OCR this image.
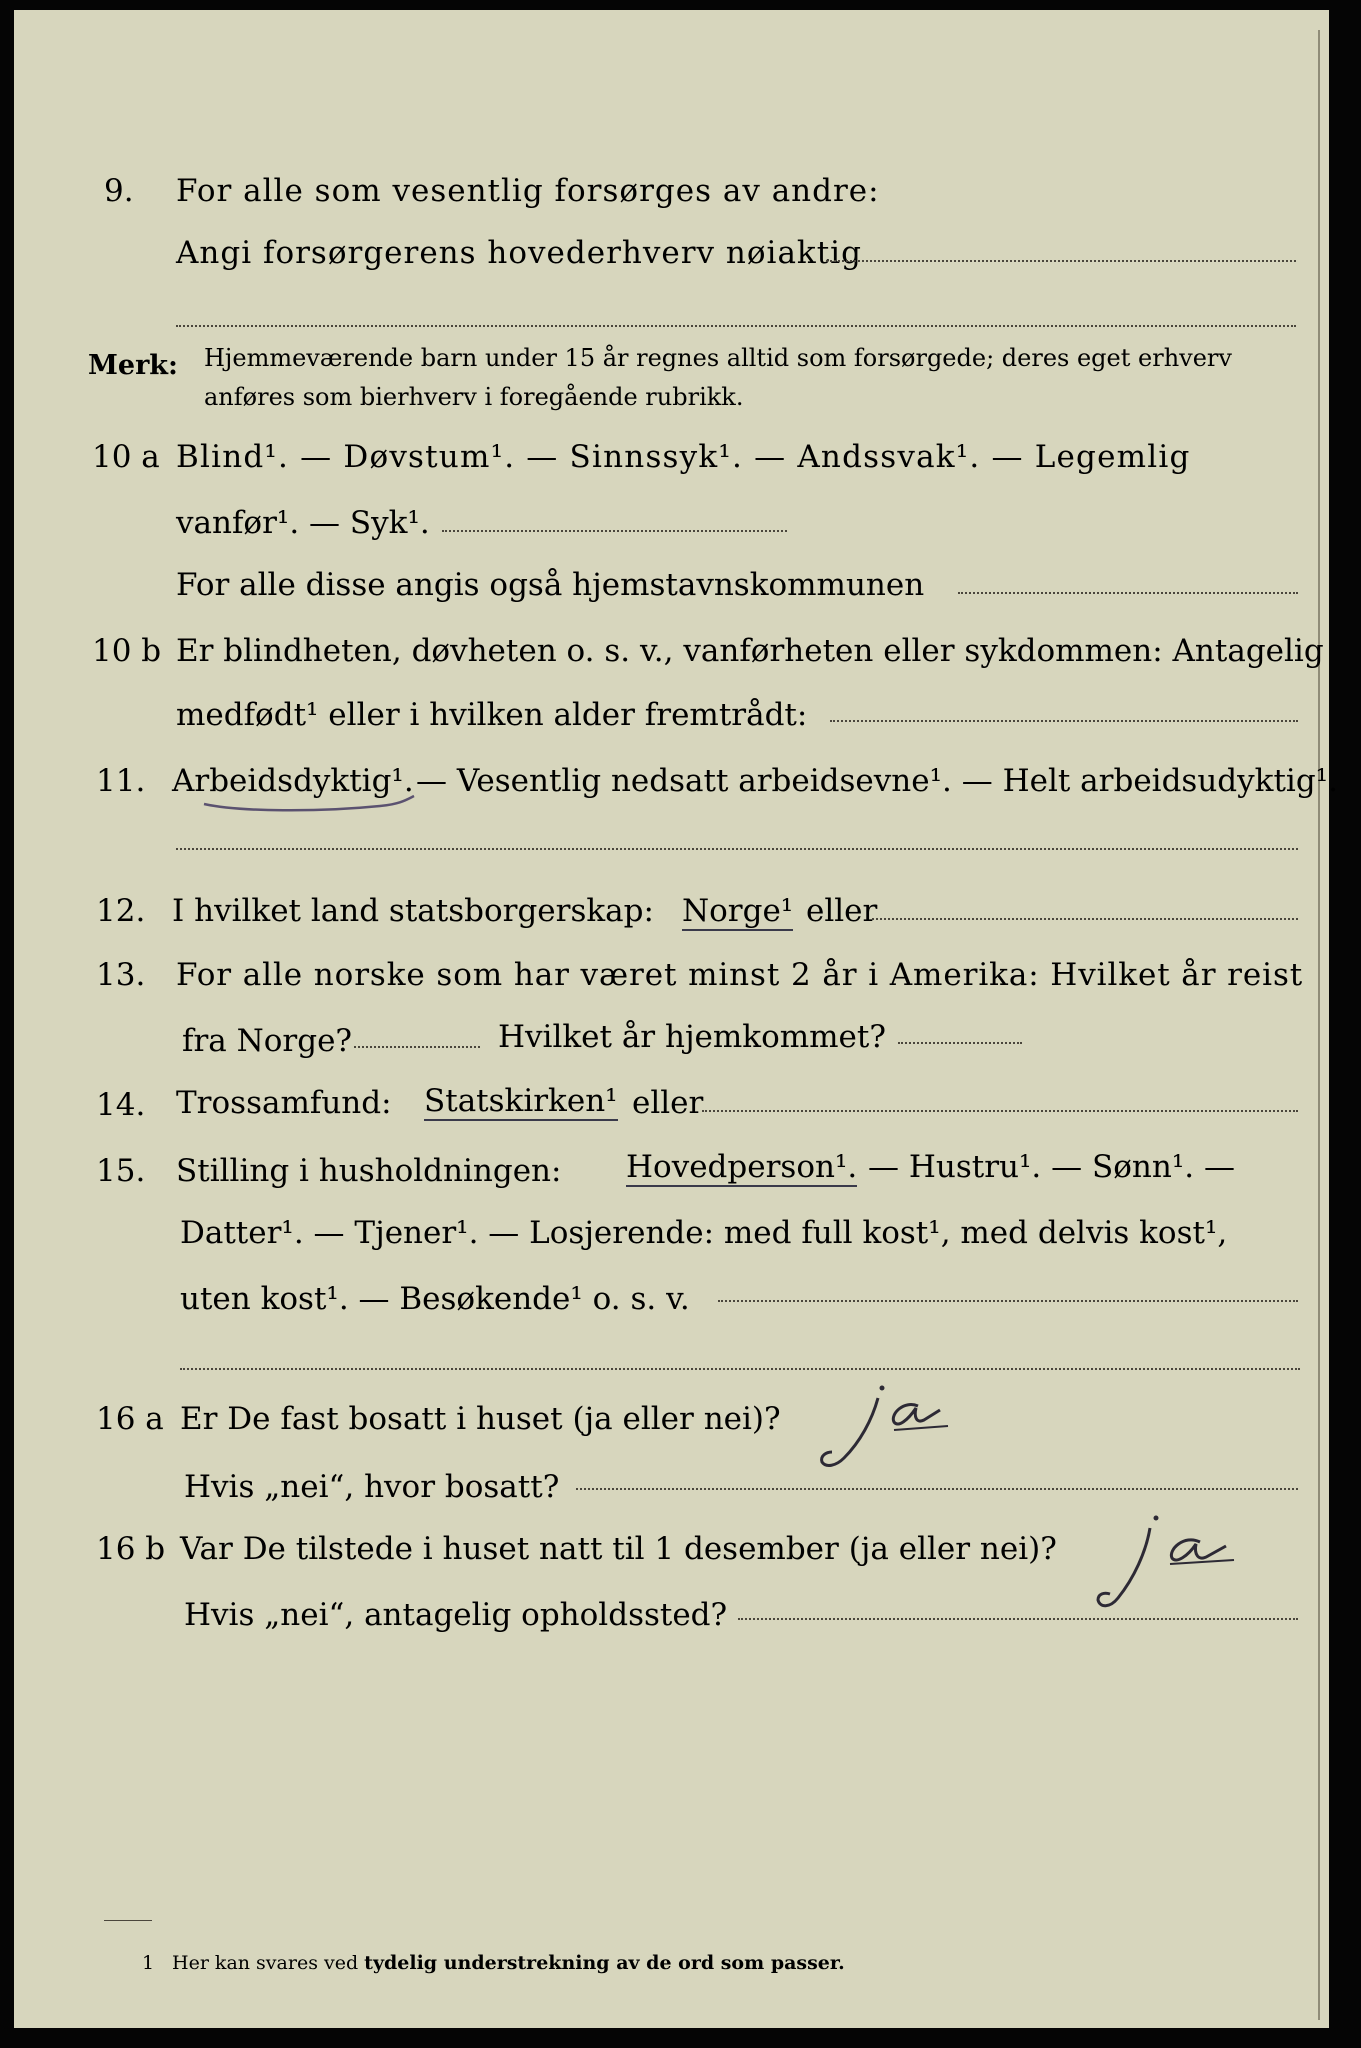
9. For alle som vesentlig forsørges av andre:
Angi forsørgerens hovederhverv nøiaktig
Merk: Hjemmeværende barn under 15 år regnes alltid som forsørgede; deres eget erhverv
anføres som bierhverv i foregående rubrikk.
10 a Blind¹. — Døvstum¹. — Sinnssyk¹. — Andssvak¹. — Legemlig
vanfør¹. — Syk¹.
For alle disse angis også hjemstavnskommunen
10 b Er blindheten, døvheten o. s. v., vanførheten eller sykdommen: Antagelig
medfødt¹ eller i hvilken alder fremtrådt:
11. Arbeidsdyktig¹. — Vesentlig nedsatt arbeidsevne¹. — Helt arbeidsudyktig¹.
12. I hvilket land statsborgerskap: Norge¹ eller
13. For alle norske som har været minst 2 år i Amerika: Hvilket år reist
fra Norge?	Hvilket år hjemkommet?
14. Trossamfund: Statskirken¹ eller
15. Stilling i husholdningen: Hovedperson¹. — Hustru¹. — Sønn¹. —
Datter¹. — Tjener¹. — Losjerende: med full kost¹, med delvis kost¹,
uten kost¹. — Besøkende¹ o. s. v.
16 a Er De fast bosatt i huset (ja eller nei)?
Hvis „nei“, hvor bosatt?
16 b Var De tilstede i huset natt til 1 desember (ja eller nei)?
Hvis „nei“, antagelig opholdssted?
1 Her kan svares ved tydelig understrekning av de ord som passer.
